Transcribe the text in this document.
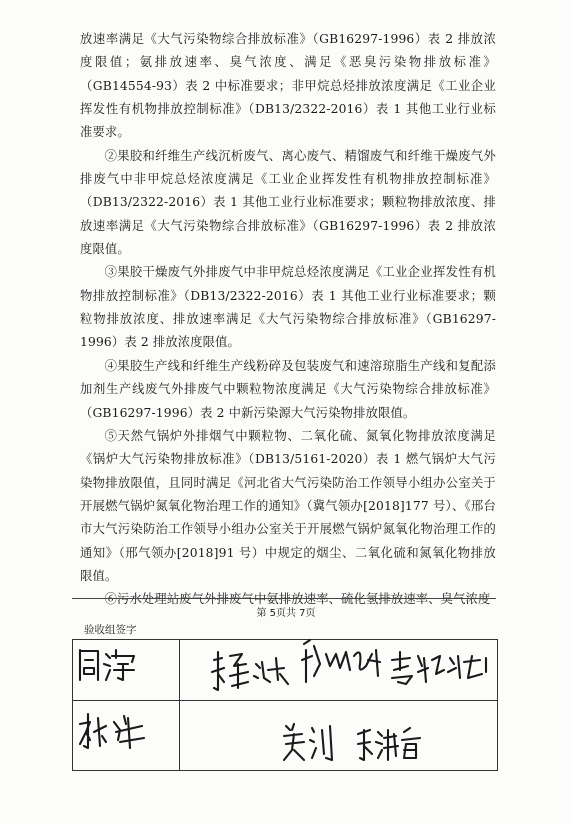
放速率满足《大气污染物综合排放标准》（GB16297-1996）表 2 排放浓度限值；氨排放速率、臭气浓度、满足《恶臭污染物排放标准》（GB14554-93）表 2 中标准要求；非甲烷总烃排放浓度满足《工业企业挥发性有机物排放控制标准》（DB13/2322-2016）表 1 其他工业行业标准要求。

②果胶和纤维生产线沉析废气、离心废气、精馏废气和纤维干燥废气外排废气中非甲烷总烃浓度满足《工业企业挥发性有机物排放控制标准》（DB13/2322-2016）表 1 其他工业行业标准要求；颗粒物排放浓度、排放速率满足《大气污染物综合排放标准》（GB16297-1996）表 2 排放浓度限值。

③果胶干燥废气外排废气中非甲烷总烃浓度满足《工业企业挥发性有机物排放控制标准》（DB13/2322-2016）表 1 其他工业行业标准要求；颗粒物排放浓度、排放速率满足《大气污染物综合排放标准》（GB16297-1996）表 2 排放浓度限值。

④果胶生产线和纤维生产线粉碎及包装废气和速溶琼脂生产线和复配添加剂生产线废气外排废气中颗粒物浓度满足《大气污染物综合排放标准》（GB16297-1996）表 2 中新污染源大气污染物排放限值。

⑤天然气锅炉外排烟气中颗粒物、二氧化硫、氮氧化物排放浓度满足《锅炉大气污染物排放标准》（DB13/5161-2020）表 1 燃气锅炉大气污染物排放限值，且同时满足《河北省大气污染防治工作领导小组办公室关于开展燃气锅炉氮氧化物治理工作的通知》（冀气领办[2018]177 号）、《邢台市大气污染防治工作领导小组办公室关于开展燃气锅炉氮氧化物治理工作的通知》（邢气领办[2018]91 号）中规定的烟尘、二氧化硫和氮氧化物排放限值。

⑥污水处理站废气外排废气中氨排放速率、硫化氢排放速率、臭气浓度

第 5页共 7页
验收组签字
